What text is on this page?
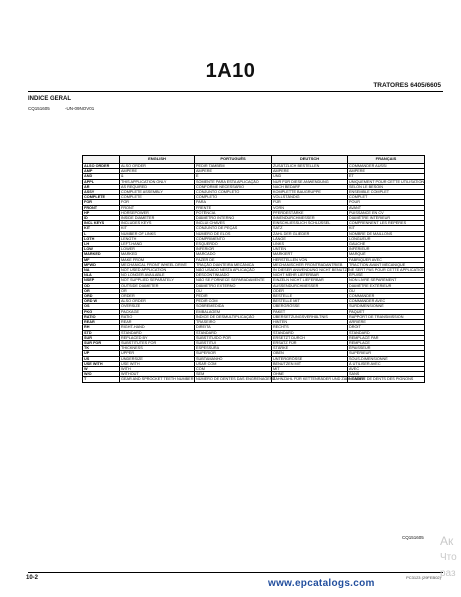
1A10
TRATORES 6405/6605
INDICE GERAL
CQ151605	-UN-09NOV01
	ENGLISH	PORTUGUÊS	DEUTSCH	FRANÇAIS
ALSO ORDER	ALSO ORDER	PEDIR TAMBÉM	ZUSÄTZLICH BESTELLEN	COMMANDER AUSSI
AMP	AMPERE	AMPERE	AMPERE	AMPERE
AND	&	E	UND	ET
APPL	THIS APPLICATION ONLY	SOMENTE PARA ESTA APLICAÇÃO	NUR FÜR DIESE ANWENDUNG	UNIQUEMENT POUR CETTE UTILISATION
AR	AS REQUIRED	CONFORME NECESSÁRIO	NACH BEDARF	SELON LE BESOIN
ASSY	COMPLETE ASSEMBLY	CONJUNTO COMPLETO	KOMPLETTE BAUGRUPPE	ENSEMBLE COMPLET
COMPLETE	COMPLETE	COMPLETO	VOLLSTÄNDIG	COMPLET
FOR	FOR	PARA	FÜR	POUR
FRONT	FRONT	FRENTE	VORN	AVANT
HP	HORSEPOWER	POTÊNCIA	PFERDESTÄRKE	PUISSANCE EN CV
ID	INSIDE DIAMETER	DIÂMETRO INTERNO	INNENDURCHMESSER	DIAMÈTRE INTÉRIEUR
INCL KEYS	INCLUDES KEYS	INCLUI CHAVES	EINSCHLIESSLICH SCHLÜSSEL	COMPRENNENT LES REPÈRES
KIT	KIT	CONJUNTO DE PEÇAS	SATZ	KIT
L	NUMBER OF LINKS	NÚMERO DE ELOS	ZAHL DER GLIEDER	NOMBRE DE MAILLONS
LGTH	LENGTH	COMPRIMENTO	LÄNGE	LONGUEUR
LH	LEFT-HAND	ESQUERDO	LINKS	GAUCHE
LOW	LOWER	INFERIOR	UNTEN	INFÉRIEUR
MARKED	MARKED	MARCADO	MARKIERT	MARQUÉ
MF	MAKE FROM	FAZER DE	HERSTELLEN VON	FABRIQUER AVEC
MFWD	MECHANICAL FRONT WHEEL DRIVE	TRAÇÃO DIANTEIRA MECÂNICA	MECHANISCHER FRONTRADANTRIEB	TRACTION AVANT MÉCANIQUE
NA	NOT USED APPLICATION	NÃO USADO NESTA APLICAÇÃO	IN DIESER ANWENDUNG NICHT BENUTZT	NE SERT PAS POUR CETTE APPLICATION
NLA	NO LONGER AVAILABLE	DESCONTINUADO	NICHT MEHR LIEFERBAR	ÉPUISÉ
NSEP	NOT SUPPLIED SEPARATELY	NÃO SE FORNECE SEPARADAMENTE	EINZELN NICHT LIEFERBAR	NON LIVRÉ SÉPARÉMENT
OD	OUTSIDE DIAMETER	DIÂMETRO EXTERNO	AUSSENDURCHMESSER	DIAMÈTRE EXTÉRIEUR
OR	OR	OU	ODER	OU
ORD	ORDER	PEDIR	BESTELLE	COMMANDER
ORD W	ALSO ORDER	PEDIR COM	BESTELLE MIT	COMMANDER AVEC
OS	OVERSIZE	SOBREMEDIDA	ÜBERGRÖSSE	SURDIMENSIONNÉ
PKG	PACKAGE	EMBALAGEM	PAKET	PAQUET
RATIO	RATIO	ÍNDICE DE DESMULTIPLICAÇÃO	ÜBERSETZUNGSVERHÄLTNIS	RAPPORT DE TRANSMISSION
REAR	REAR	TRASEIRO	HINTEN	ARRIÈRE
RH	RIGHT-HAND	DIREITA	RECHTS	DROIT
STD	STANDARD	STANDARD	STANDARD	STANDARD
SUR	REPLACED BY	SUBSTITUÍDO POR	ERSETZT DURCH	REMPLACÉ PAR
SUR FOR	SUBSTITUTES FOR	SUBSTITUI	ERSATZ FÜR	REMPLACE
TK	THICKNESS	ESPESSURA	STÄRKE	ÉPAISSEUR
UP	UPPER	SUPERIOR	OBEN	SUPÉRIEUR
US	UNDERSIZE	SUBTAMANHO	UNTERGRÖSSE	SOUS-DIMENSIONNÉ
USE WITH	USE WITH	USAR COM	BENUTZEN MIT	À UTILISER AVEC
W	WITH	COM	MIT	AVEC
W/O	WITHOUT	SEM	OHNE	SANS
T	GEAR AND SPROCKET TEETH NUMBER	NÚMERO DE DENTES DAS ENGRENAGENS	ZAHNZAHL FÜR KETTENRÄDER UND ZAHNRÄDER	NOMBRE DE DENTS DES PIGNONS
CQ151605
10-2	PC3123 (29FEB02)
www.epcatalogs.com
Ак
Что
раз
